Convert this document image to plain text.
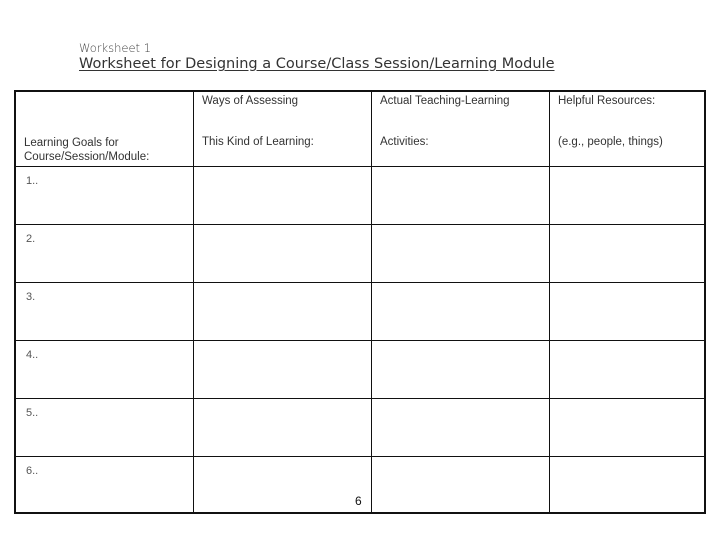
Worksheet 1
Worksheet for Designing a Course/Class Session/Learning Module
Learning Goals for Course/Session/Module:
Ways of Assessing
This Kind of Learning:
Actual Teaching-Learning
Activities:
Helpful Resources:
(e.g., people, things)
1..
2.
3.
4..
5..
6..
6
